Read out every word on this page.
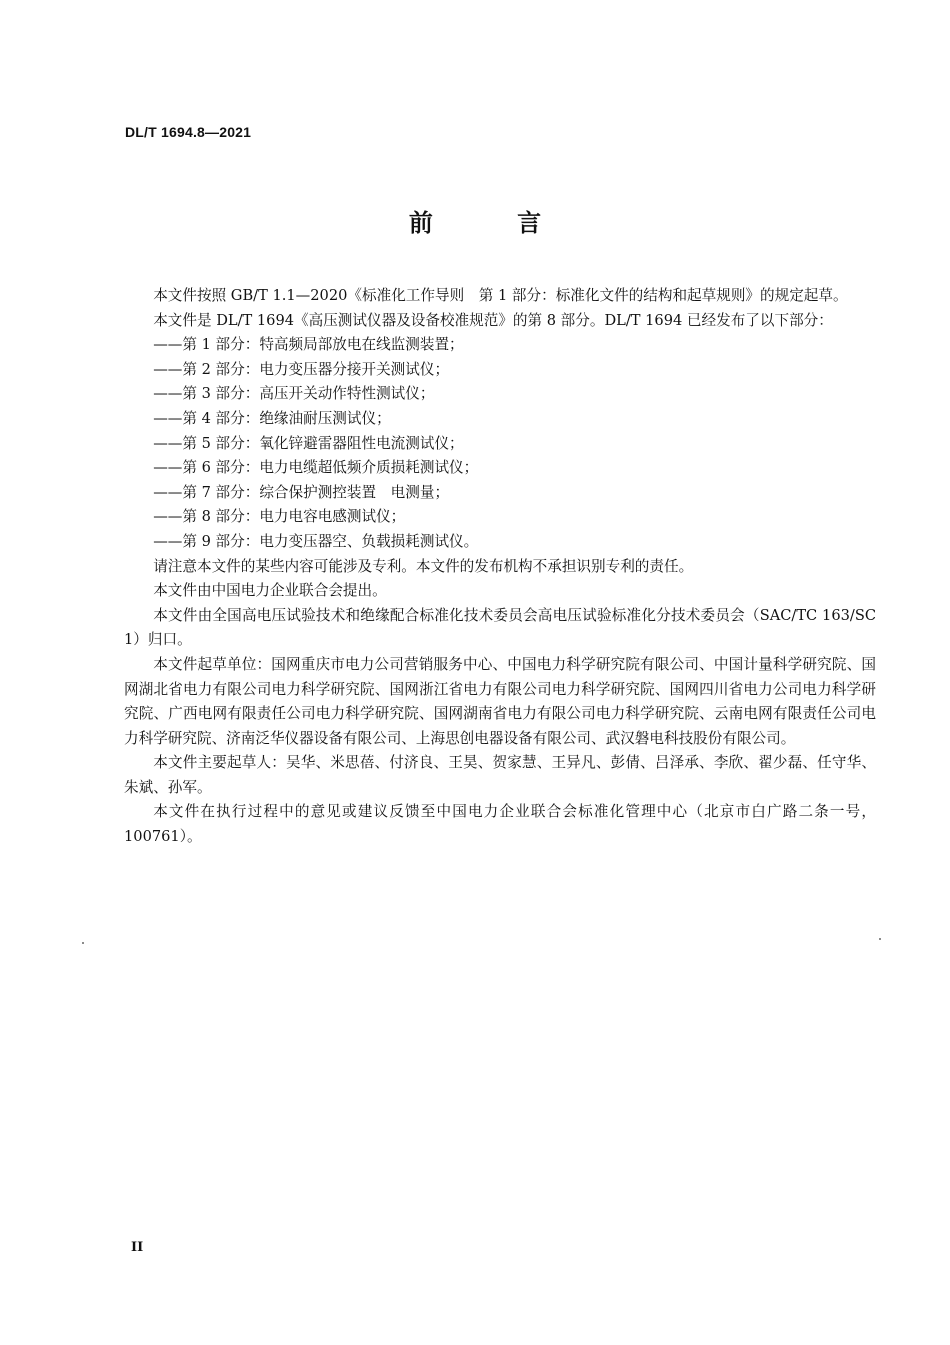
DL/T 1694.8—2021
前 言

本文件按照 GB/T 1.1—2020《标准化工作导则　第 1 部分：标准化文件的结构和起草规则》的规定起草。

本文件是 DL/T 1694《高压测试仪器及设备校准规范》的第 8 部分。DL/T 1694 已经发布了以下部分：

——第 1 部分：特高频局部放电在线监测装置；
——第 2 部分：电力变压器分接开关测试仪；
——第 3 部分：高压开关动作特性测试仪；
——第 4 部分：绝缘油耐压测试仪；
——第 5 部分：氧化锌避雷器阻性电流测试仪；
——第 6 部分：电力电缆超低频介质损耗测试仪；
——第 7 部分：综合保护测控装置　电测量；
——第 8 部分：电力电容电感测试仪；
——第 9 部分：电力变压器空、负载损耗测试仪。

请注意本文件的某些内容可能涉及专利。本文件的发布机构不承担识别专利的责任。

本文件由中国电力企业联合会提出。

本文件由全国高电压试验技术和绝缘配合标准化技术委员会高电压试验标准化分技术委员会（SAC/TC 163/SC 1）归口。

本文件起草单位：国网重庆市电力公司营销服务中心、中国电力科学研究院有限公司、中国计量科学研究院、国网湖北省电力有限公司电力科学研究院、国网浙江省电力有限公司电力科学研究院、国网四川省电力公司电力科学研究院、广西电网有限责任公司电力科学研究院、国网湖南省电力有限公司电力科学研究院、云南电网有限责任公司电力科学研究院、济南泛华仪器设备有限公司、上海思创电器设备有限公司、武汉磐电科技股份有限公司。

本文件主要起草人：吴华、米思蓓、付济良、王昊、贺家慧、王异凡、彭倩、吕泽承、李欣、翟少磊、任守华、朱斌、孙军。

本文件在执行过程中的意见或建议反馈至中国电力企业联合会标准化管理中心（北京市白广路二条一号，100761）。

II
